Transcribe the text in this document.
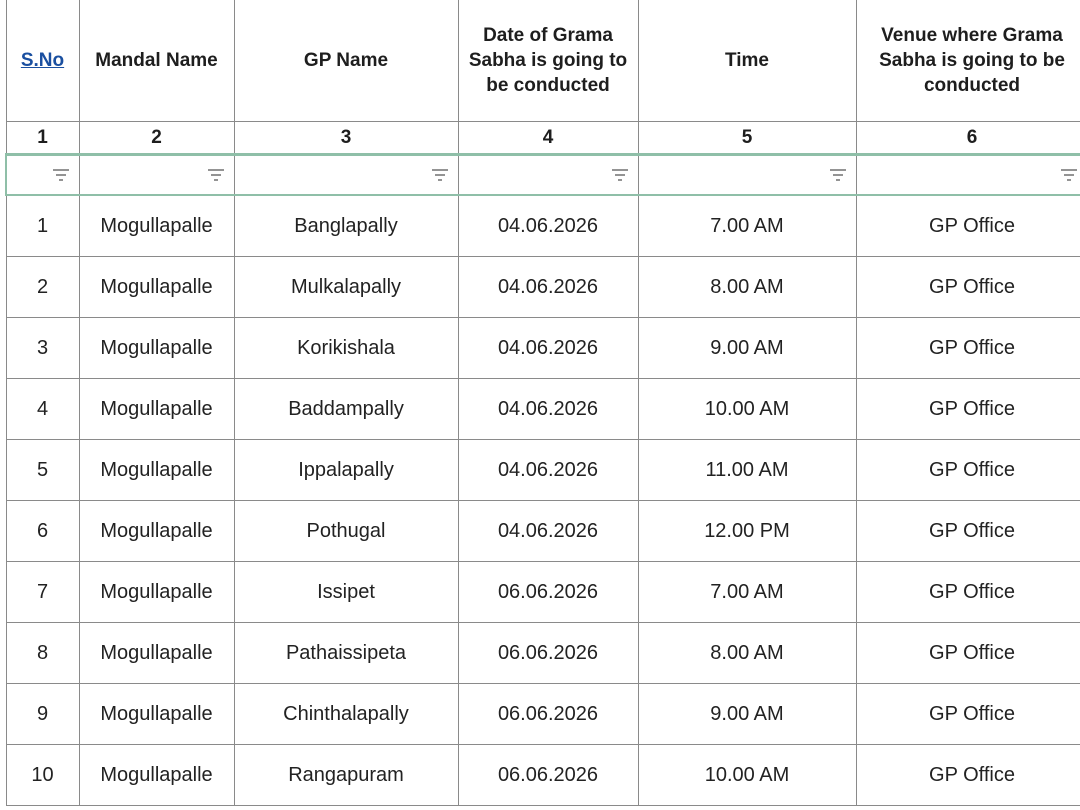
S.No	Mandal Name	GP Name	Date of Grama Sabha is going to be conducted	Time	Venue where Grama Sabha is going to be conducted
1	2	3	4	5	6

1	Mogullapalle	Banglapally	04.06.2026	7.00 AM	GP Office
2	Mogullapalle	Mulkalapally	04.06.2026	8.00 AM	GP Office
3	Mogullapalle	Korikishala	04.06.2026	9.00 AM	GP Office
4	Mogullapalle	Baddampally	04.06.2026	10.00 AM	GP Office
5	Mogullapalle	Ippalapally	04.06.2026	11.00 AM	GP Office
6	Mogullapalle	Pothugal	04.06.2026	12.00 PM	GP Office
7	Mogullapalle	Issipet	06.06.2026	7.00 AM	GP Office
8	Mogullapalle	Pathaissipeta	06.06.2026	8.00 AM	GP Office
9	Mogullapalle	Chinthalapally	06.06.2026	9.00 AM	GP Office
10	Mogullapalle	Rangapuram	06.06.2026	10.00 AM	GP Office
